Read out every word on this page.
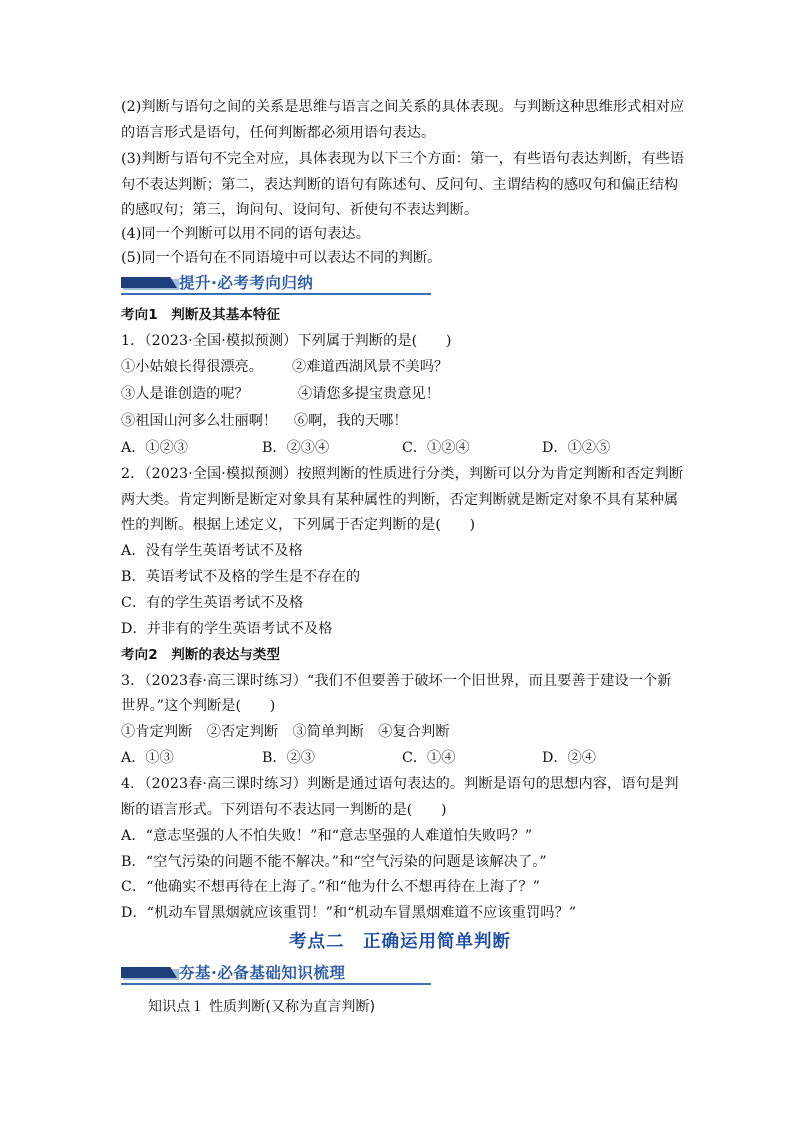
(2)判断与语句之间的关系是思维与语言之间关系的具体表现。与判断这种思维形式相对应
的语言形式是语句，任何判断都必须用语句表达。
(3)判断与语句不完全对应，具体表现为以下三个方面：第一，有些语句表达判断，有些语
句不表达判断；第二，表达判断的语句有陈述句、反问句、主谓结构的感叹句和偏正结构
的感叹句；第三，询问句、设问句、祈使句不表达判断。
(4)同一个判断可以用不同的语句表达。
(5)同一个语句在不同语境中可以表达不同的判断。
提升·必考考向归纳
考向1　判断及其基本特征
1．（2023·全国·模拟预测）下列属于判断的是(　　)
①小姑娘长得很漂亮。 ②难道西湖风景不美吗？
③人是谁创造的呢？	④请您多提宝贵意见！
⑤祖国山河多么壮丽啊！ ⑥啊，我的天哪！
A．①②③	B．②③④	C．①②④	D．①②⑤
2．（2023·全国·模拟预测）按照判断的性质进行分类，判断可以分为肯定判断和否定判断
两大类。肯定判断是断定对象具有某种属性的判断，否定判断就是断定对象不具有某种属
性的判断。根据上述定义，下列属于否定判断的是(　　)
A．没有学生英语考试不及格
B．英语考试不及格的学生是不存在的
C．有的学生英语考试不及格
D．并非有的学生英语考试不及格
考向2　判断的表达与类型
3．（2023春·高三课时练习）“我们不但要善于破坏一个旧世界，而且要善于建设一个新
世界。”这个判断是(　　)
①肯定判断　②否定判断　③简单判断　④复合判断
A．①③	B．②③	C．①④	D．②④
4．（2023春·高三课时练习）判断是通过语句表达的。判断是语句的思想内容，语句是判
断的语言形式。下列语句不表达同一判断的是(　　)
A．“意志坚强的人不怕失败！”和“意志坚强的人难道怕失败吗？”
B．“空气污染的问题不能不解决。”和“空气污染的问题是该解决了。”
C．“他确实不想再待在上海了。”和“他为什么不想再待在上海了？”
D．“机动车冒黑烟就应该重罚！”和“机动车冒黑烟难道不应该重罚吗？”
考点二　正确运用简单判断
夯基·必备基础知识梳理
知识点１ 性质判断(又称为直言判断)
